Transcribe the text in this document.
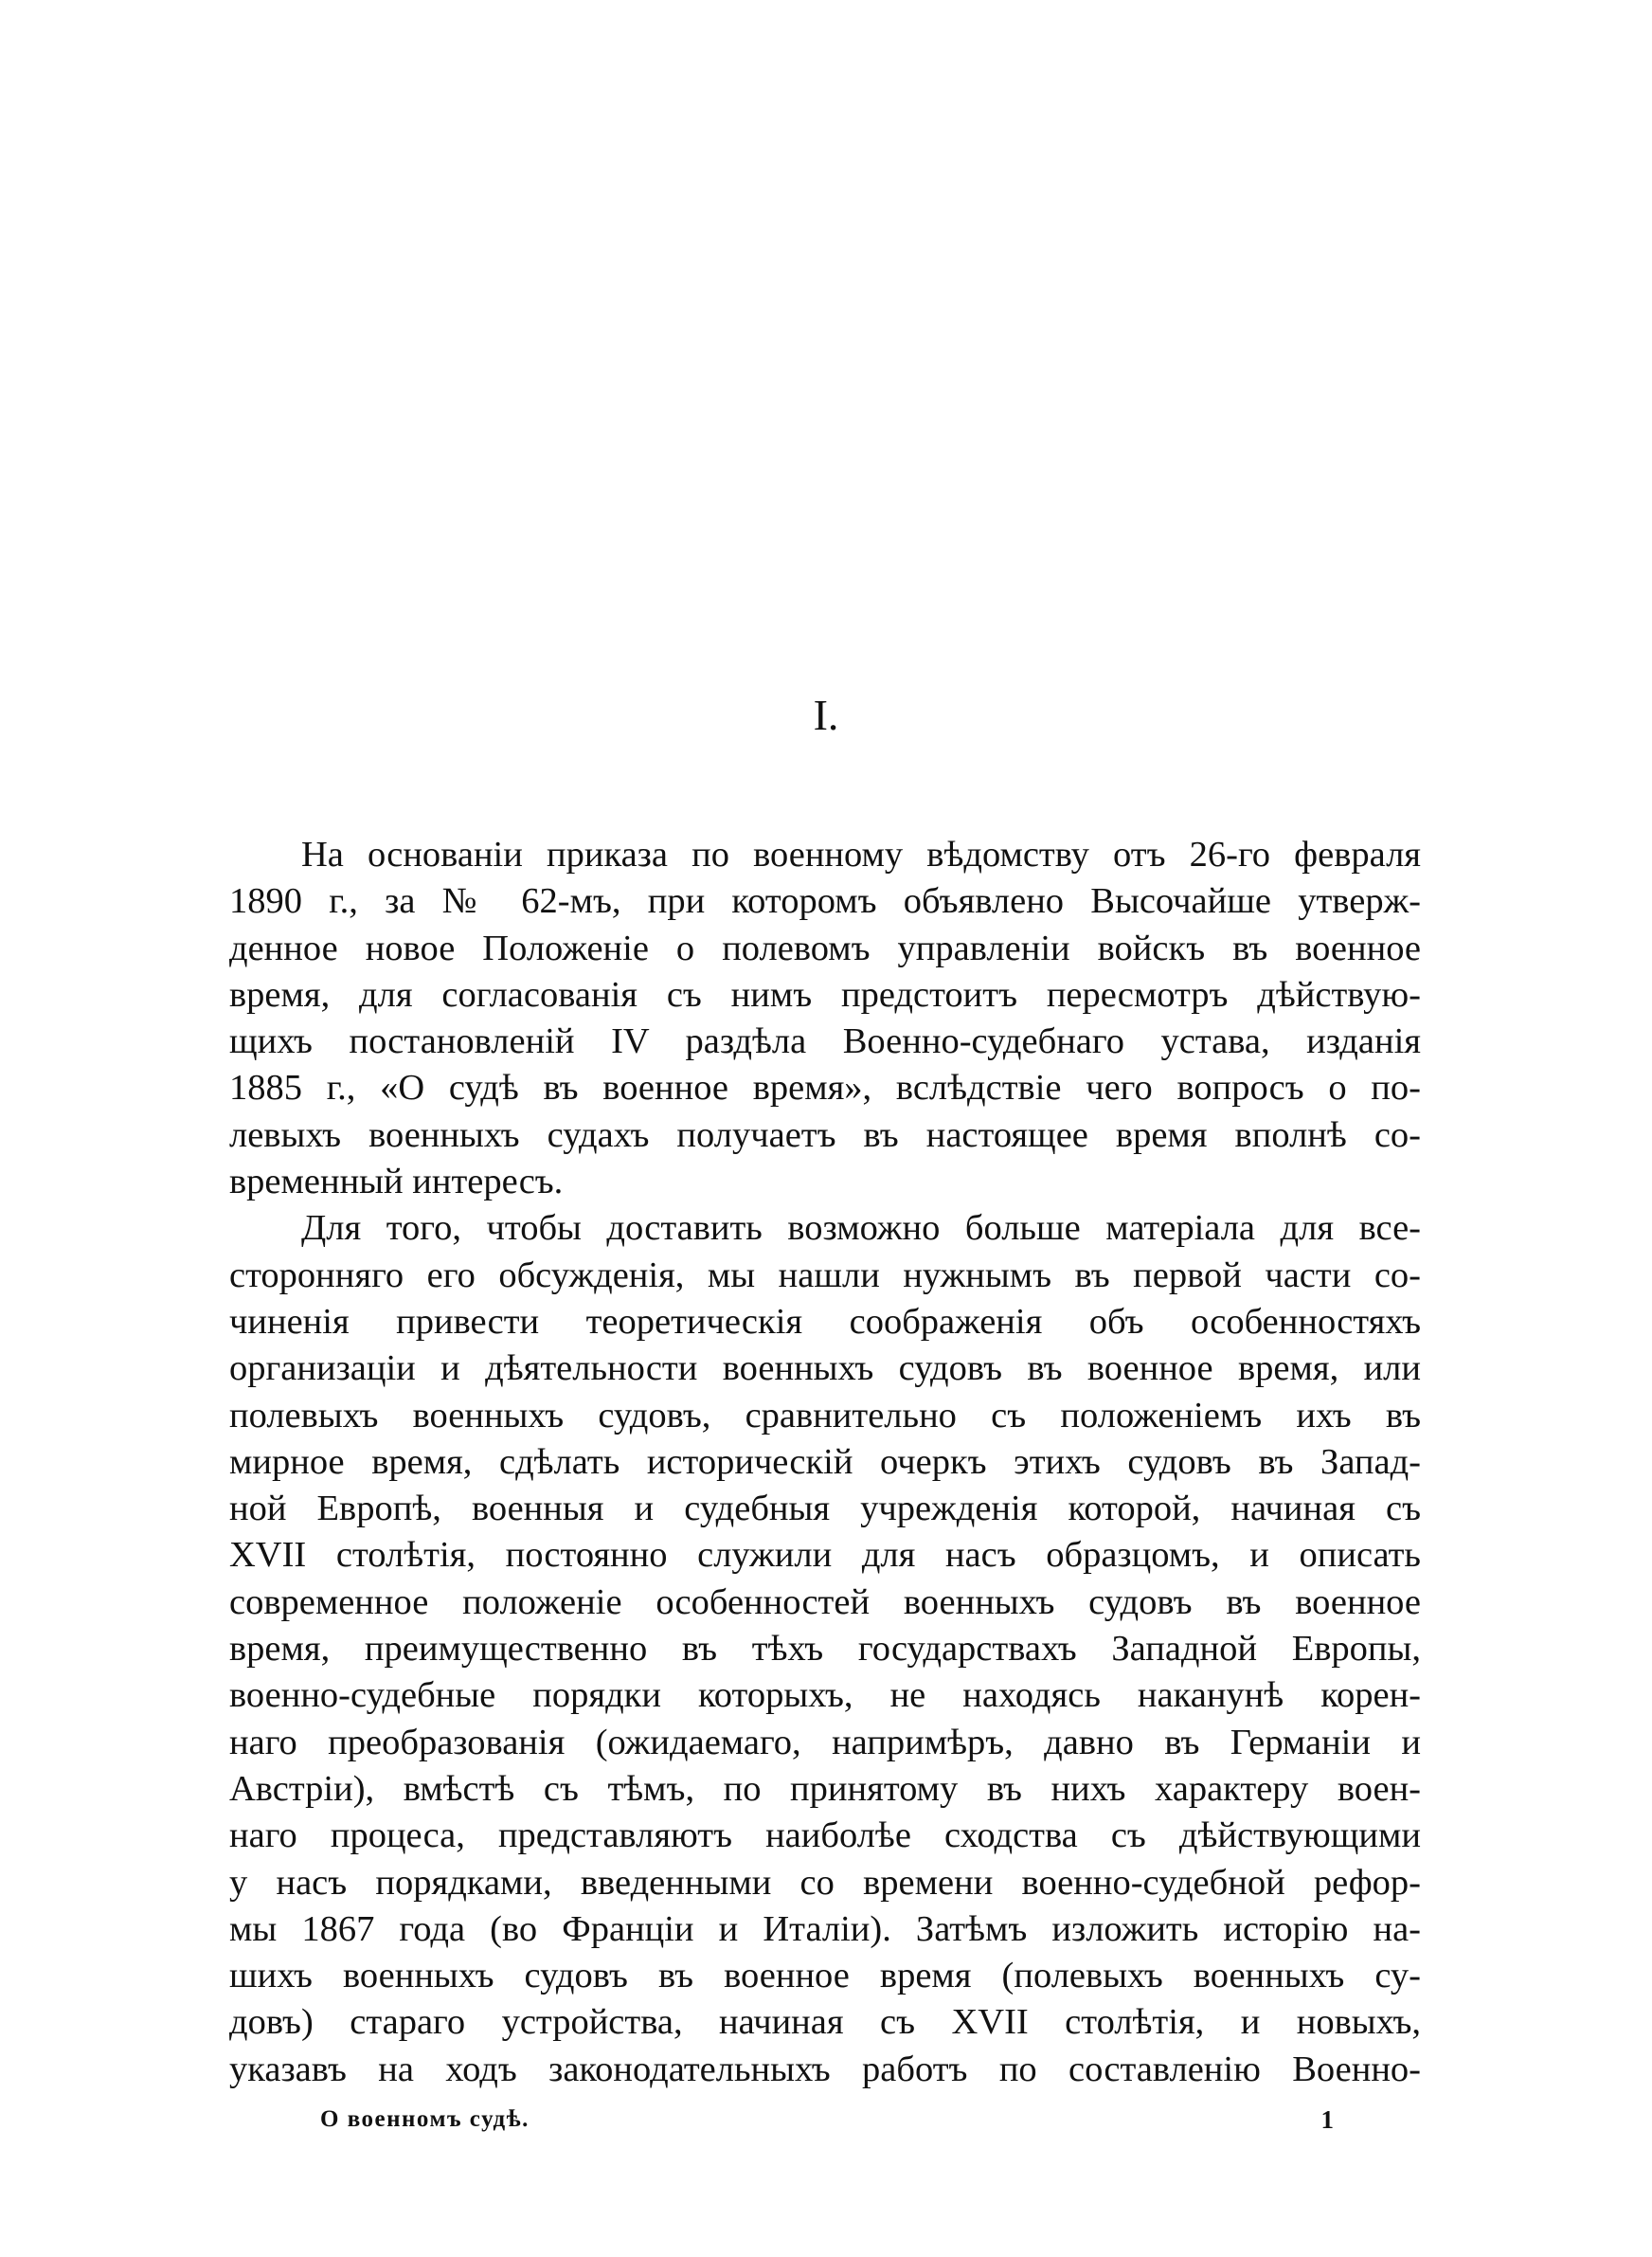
I.
На основанiи приказа по военному вѣдомству отъ 26-го февраля
1890 г., за № 62-мъ, при которомъ объявлено Высочайше утверж-
денное новое Положенiе о полевомъ управленiи войскъ въ военное
время, для согласованiя съ нимъ предстоитъ пересмотръ дѣйствую-
щихъ постановленiй IV раздѣла Военно-судебнаго устава, изданiя
1885 г., «О судѣ въ военное время», вслѣдствiе чего вопросъ о по-
левыхъ военныхъ судахъ получаетъ въ настоящее время вполнѣ со-
временный интересъ.
Для того, чтобы доставить возможно больше матерiала для все-
сторонняго его обсужденiя, мы нашли нужнымъ въ первой части со-
чиненiя привести теоретическiя соображенiя объ особенностяхъ
организацiи и дѣятельности военныхъ судовъ въ военное время, или
полевыхъ военныхъ судовъ, сравнительно съ положенiемъ ихъ въ
мирное время, сдѣлать историческiй очеркъ этихъ судовъ въ Запад-
ной Европѣ, военныя и судебныя учрежденiя которой, начиная съ
XVII столѣтiя, постоянно служили для насъ образцомъ, и описать
современное положенiе особенностей военныхъ судовъ въ военное
время, преимущественно въ тѣхъ государствахъ Западной Европы,
военно-судебные порядки которыхъ, не находясь наканунѣ корен-
наго преобразованiя (ожидаемаго, напримѣръ, давно въ Германiи и
Австрiи), вмѣстѣ съ тѣмъ, по принятому въ нихъ характеру воен-
наго процеса, представляютъ наиболѣе сходства съ дѣйствующими
у насъ порядками, введенными со времени военно-судебной рефор-
мы 1867 года (во Францiи и Италiи). Затѣмъ изложить исторiю на-
шихъ военныхъ судовъ въ военное время (полевыхъ военныхъ су-
довъ) стараго устройства, начиная съ XVII столѣтiя, и новыхъ,
указавъ на ходъ законодательныхъ работъ по составленiю Военно-
О военномъ судѣ.	1
